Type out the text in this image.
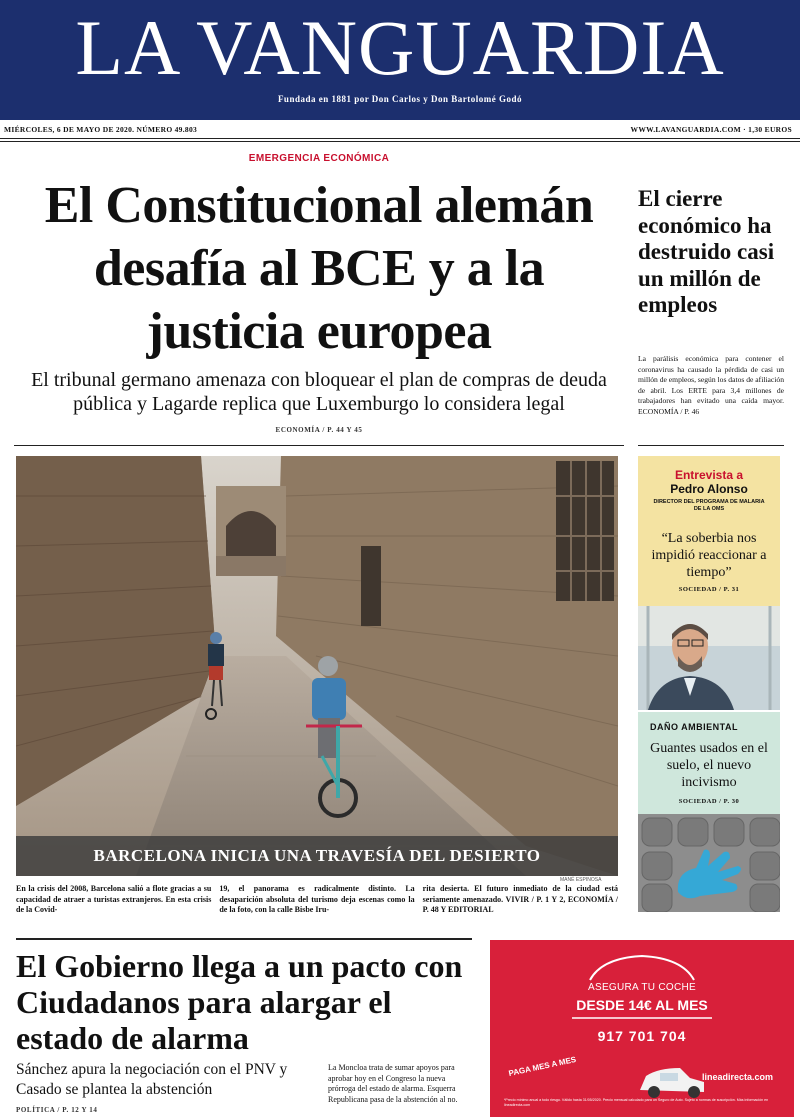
LA VANGUARDIA
Fundada en 1881 por Don Carlos y Don Bartolomé Godó
MIÉRCOLES, 6 DE MAYO DE 2020. NÚMERO 49.803	WWW.LAVANGUARDIA.COM · 1,30 EUROS
EMERGENCIA ECONÓMICA
El Constitucional alemán desafía al BCE y a la justicia europea
El tribunal germano amenaza con bloquear el plan de compras de deuda pública y Lagarde replica que Luxemburgo lo considera legal
ECONOMÍA / P. 44 Y 45
BARCELONA INICIA UNA TRAVESÍA DEL DESIERTO
MANÉ ESPINOSA
En la crisis del 2008, Barcelona salió a flote gracias a su capacidad de atraer a turistas extranjeros. En esta crisis de la Covid-
19, el panorama es radicalmente distinto. La desaparición absoluta del turismo deja escenas como la de la foto, con la calle Bisbe Iru-
rita desierta. El futuro inmediato de la ciudad está seriamente amenazado. VIVIR / P. 1 Y 2, ECONOMÍA / P. 48 Y EDITORIAL
El cierre económico ha destruido casi un millón de empleos
La parálisis económica para contener el coronavirus ha causado la pérdida de casi un millón de empleos, según los datos de afiliación de abril. Los ERTE para 3,4 millones de trabajadores han evitado una caída mayor. ECONOMÍA / P. 46
Entrevista a
Pedro Alonso
DIRECTOR DEL PROGRAMA DE MALARIA DE LA OMS
“La soberbia nos impidió reaccionar a tiempo”
SOCIEDAD / P. 31
DAÑO AMBIENTAL
Guantes usados en el suelo, el nuevo incivismo
SOCIEDAD / P. 30
El Gobierno llega a un pacto con Ciudadanos para alargar el estado de alarma
Sánchez apura la negociación con el PNV y Casado se plantea la abstención
POLÍTICA / P. 12 Y 14
La Moncloa trata de sumar apoyos para aprobar hoy en el Congreso la nueva prórroga del estado de alarma. Esquerra Republicana pasa de la abstención al no.
ASEGURA TU COCHE
DESDE 14€ AL MES
917 701 704
PAGA MES A MES	lineadirecta.com
*Precio mínimo anual a todo riesgo. Válido hasta 31/05/2020. Precio mensual calculado para un Seguro de Auto. Sujeto a normas de suscripción. Más información en lineadirecta.com
